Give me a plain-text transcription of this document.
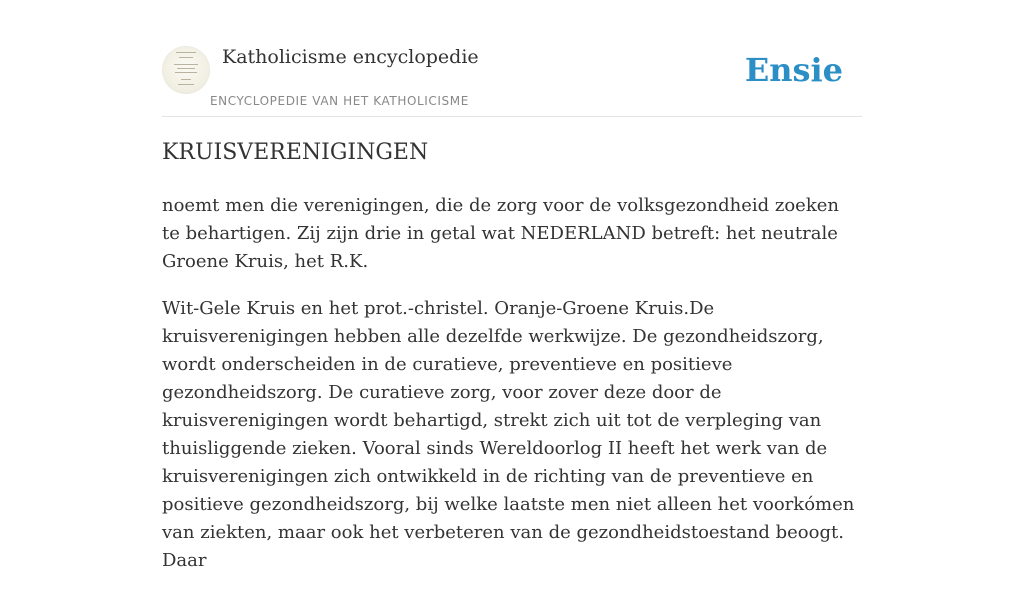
Katholicisme encyclopedie
ENCYCLOPEDIE VAN HET KATHOLICISME
Ensie
KRUISVERENIGINGEN

noemt men die verenigingen, die de zorg voor de volksgezondheid zoeken te behartigen. Zij zijn drie in getal wat NEDERLAND betreft: het neutrale Groene Kruis, het R.K.

Wit-Gele Kruis en het prot.-christel. Oranje-Groene Kruis.De kruisverenigingen hebben alle dezelfde werkwijze. De gezondheidszorg, wordt onderscheiden in de curatieve, preventieve en positieve gezondheidszorg. De curatieve zorg, voor zover deze door de kruisverenigingen wordt behartigd, strekt zich uit tot de verpleging van thuisliggende zieken. Vooral sinds Wereldoorlog II heeft het werk van de kruisverenigingen zich ontwikkeld in de richting van de preventieve en positieve gezondheidszorg, bij welke laatste men niet alleen het voorkómen van ziekten, maar ook het verbeteren van de gezondheidstoestand beoogt. Daar
